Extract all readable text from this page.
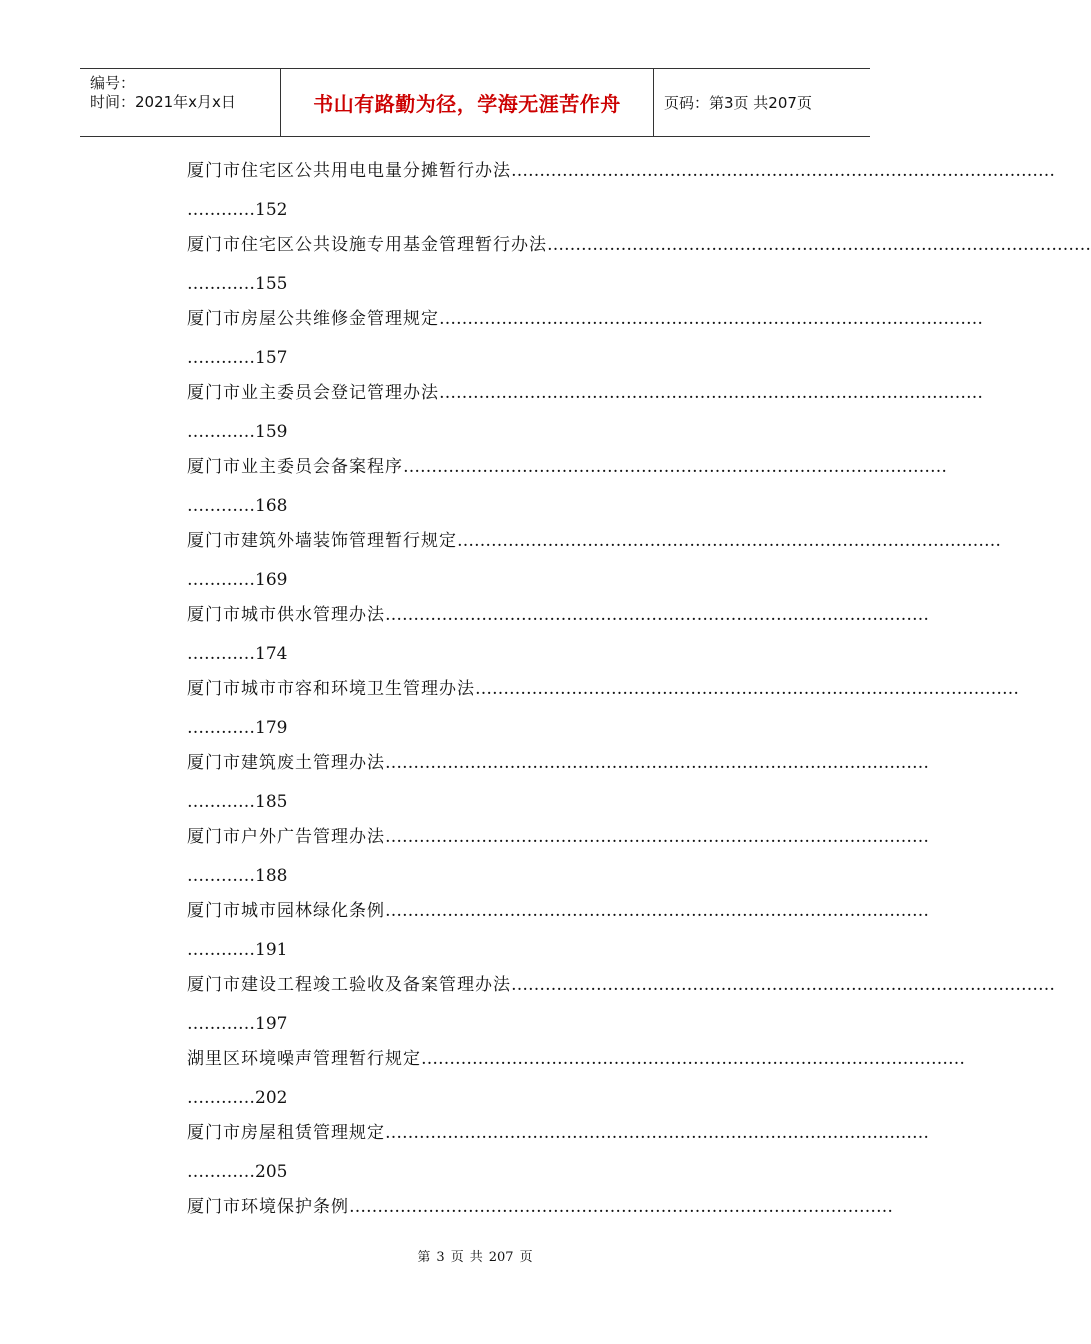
编号：
时间：2021年x月x日	书山有路勤为径，学海无涯苦作舟	页码：第3页 共207页
厦门市住宅区公共用电电量分摊暂行办法……………………………………………………………………………………
…………152
厦门市住宅区公共设施专用基金管理暂行办法……………………………………………………………………………………
…………155
厦门市房屋公共维修金管理规定……………………………………………………………………………………
…………157
厦门市业主委员会登记管理办法……………………………………………………………………………………
…………159
厦门市业主委员会备案程序……………………………………………………………………………………
…………168
厦门市建筑外墙装饰管理暂行规定……………………………………………………………………………………
…………169
厦门市城市供水管理办法……………………………………………………………………………………
…………174
厦门市城市市容和环境卫生管理办法……………………………………………………………………………………
…………179
厦门市建筑废土管理办法……………………………………………………………………………………
…………185
厦门市户外广告管理办法……………………………………………………………………………………
…………188
厦门市城市园林绿化条例……………………………………………………………………………………
…………191
厦门市建设工程竣工验收及备案管理办法……………………………………………………………………………………
…………197
湖里区环境噪声管理暂行规定……………………………………………………………………………………
…………202
厦门市房屋租赁管理规定……………………………………………………………………………………
…………205
厦门市环境保护条例……………………………………………………………………………………
第 3 页 共 207 页
